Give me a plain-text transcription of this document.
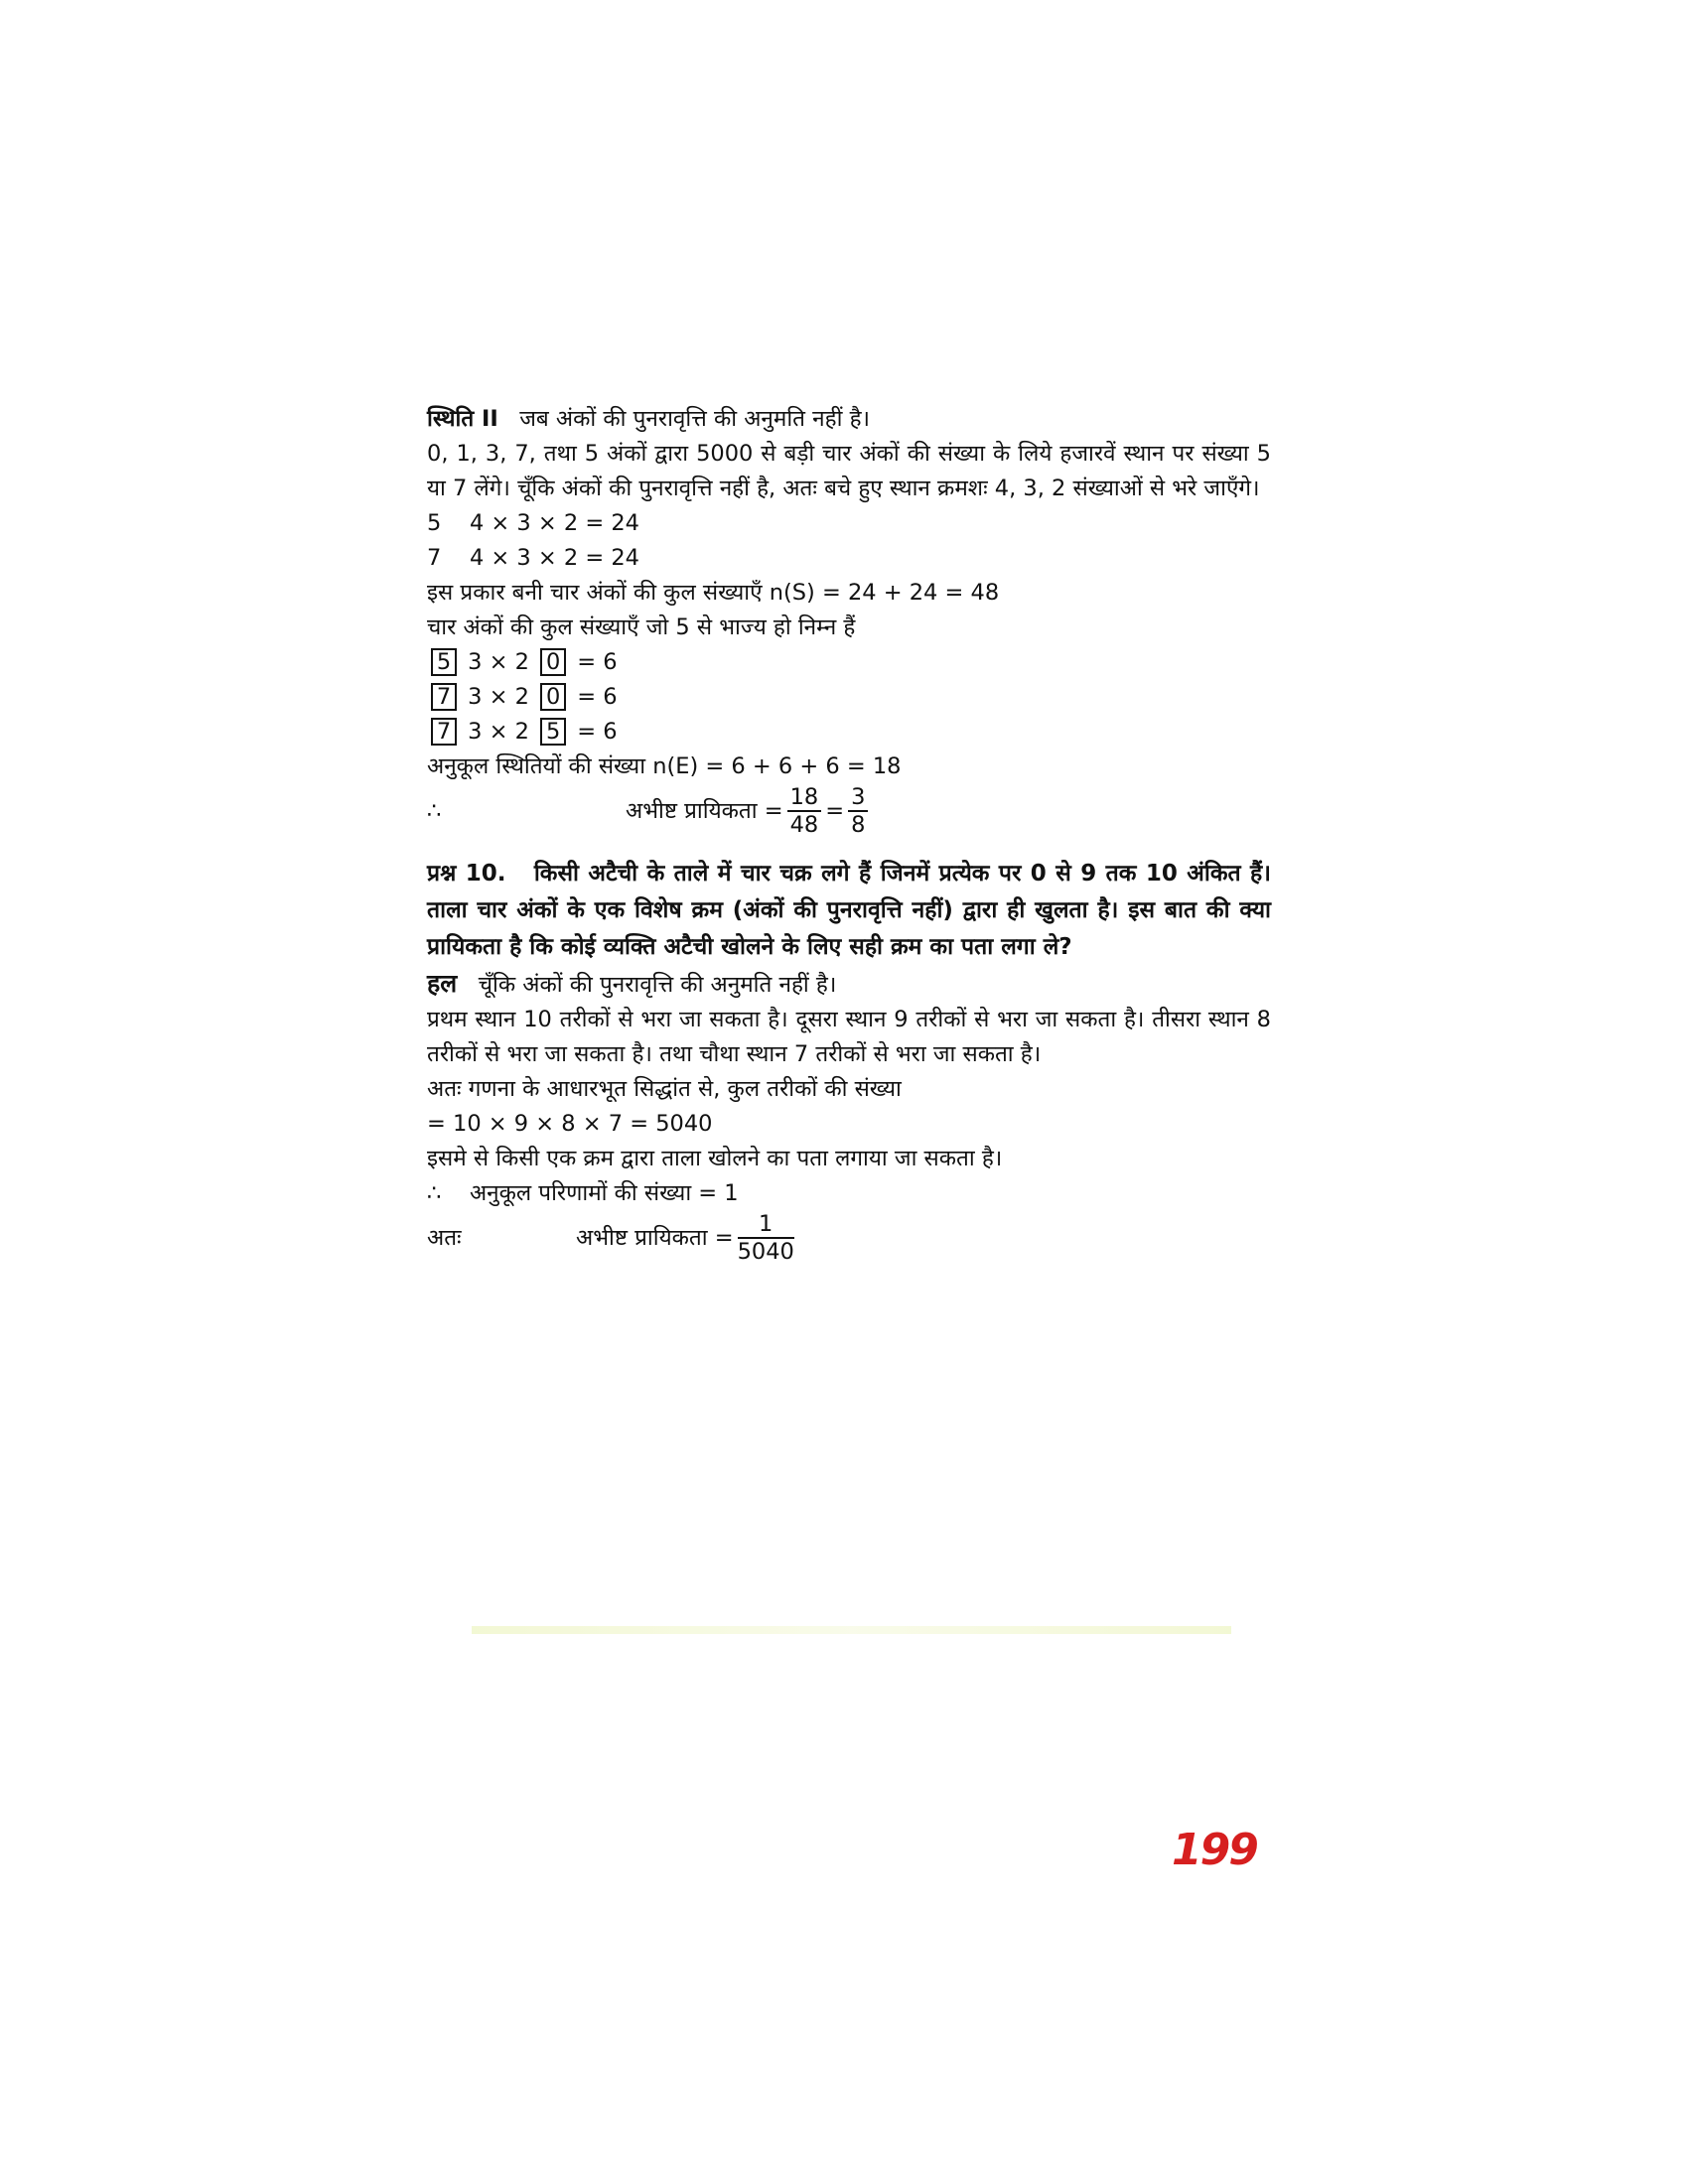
स्थिति II जब अंकों की पुनरावृत्ति की अनुमति नहीं है।

0, 1, 3, 7, तथा 5 अंकों द्वारा 5000 से बड़ी चार अंकों की संख्या के लिये हजारवें स्थान पर संख्या 5 या 7 लेंगे। चूँकि अंकों की पुनरावृत्ति नहीं है, अतः बचे हुए स्थान क्रमशः 4, 3, 2 संख्याओं से भरे जाएँगे।

5 4 × 3 × 2 = 24

7 4 × 3 × 2 = 24

इस प्रकार बनी चार अंकों की कुल संख्याएँ n(S) = 24 + 24 = 48

चार अंकों की कुल संख्याएँ जो 5 से भाज्य हो निम्न हैं

5 3 × 2 0 = 6

7 3 × 2 0 = 6

7 3 × 2 5 = 6

अनुकूल स्थितियों की संख्या n(E) = 6 + 6 + 6 = 18

∴	अभीष्ट प्रायिकता = $\frac{18}{48} = \frac{3}{8}$

प्रश्न 10. किसी अटैची के ताले में चार चक्र लगे हैं जिनमें प्रत्येक पर 0 से 9 तक 10 अंकित हैं। ताला चार अंकों के एक विशेष क्रम (अंकों की पुनरावृत्ति नहीं) द्वारा ही खुलता है। इस बात की क्या प्रायिकता है कि कोई व्यक्ति अटैची खोलने के लिए सही क्रम का पता लगा ले?

हल चूँकि अंकों की पुनरावृत्ति की अनुमति नहीं है।

प्रथम स्थान 10 तरीकों से भरा जा सकता है। दूसरा स्थान 9 तरीकों से भरा जा सकता है। तीसरा स्थान 8 तरीकों से भरा जा सकता है। तथा चौथा स्थान 7 तरीकों से भरा जा सकता है।

अतः गणना के आधारभूत सिद्धांत से, कुल तरीकों की संख्या

= 10 × 9 × 8 × 7 = 5040

इसमे से किसी एक क्रम द्वारा ताला खोलने का पता लगाया जा सकता है।

∴ अनुकूल परिणामों की संख्या = 1

अतः	अभीष्ट प्रायिकता = $\frac{1}{5040}$
199
